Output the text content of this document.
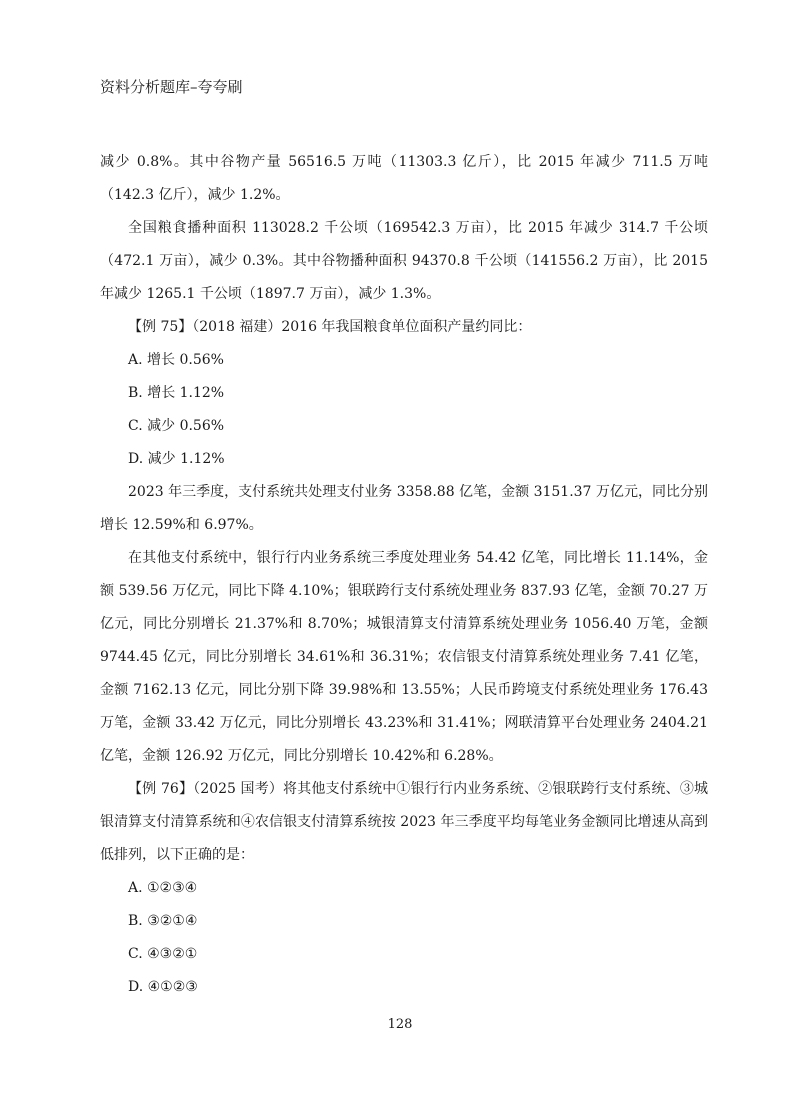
资料分析题库–夸夸刷

减少 0.8%。其中谷物产量 56516.5 万吨（11303.3 亿斤），比 2015 年减少 711.5 万吨（142.3 亿斤），减少 1.2%。

全国粮食播种面积 113028.2 千公顷（169542.3 万亩），比 2015 年减少 314.7 千公顷（472.1 万亩），减少 0.3%。其中谷物播种面积 94370.8 千公顷（141556.2 万亩），比 2015 年减少 1265.1 千公顷（1897.7 万亩），减少 1.3%。

【例 75】（2018 福建）2016 年我国粮食单位面积产量约同比：

A. 增长 0.56%

B. 增长 1.12%

C. 减少 0.56%

D. 减少 1.12%

2023 年三季度，支付系统共处理支付业务 3358.88 亿笔，金额 3151.37 万亿元，同比分别增长 12.59%和 6.97%。

在其他支付系统中，银行行内业务系统三季度处理业务 54.42 亿笔，同比增长 11.14%，金额 539.56 万亿元，同比下降 4.10%；银联跨行支付系统处理业务 837.93 亿笔，金额 70.27 万亿元，同比分别增长 21.37%和 8.70%；城银清算支付清算系统处理业务 1056.40 万笔，金额 9744.45 亿元，同比分别增长 34.61%和 36.31%；农信银支付清算系统处理业务 7.41 亿笔，金额 7162.13 亿元，同比分别下降 39.98%和 13.55%；人民币跨境支付系统处理业务 176.43 万笔，金额 33.42 万亿元，同比分别增长 43.23%和 31.41%；网联清算平台处理业务 2404.21 亿笔，金额 126.92 万亿元，同比分别增长 10.42%和 6.28%。

【例 76】（2025 国考）将其他支付系统中①银行行内业务系统、②银联跨行支付系统、③城银清算支付清算系统和④农信银支付清算系统按 2023 年三季度平均每笔业务金额同比增速从高到低排列，以下正确的是：

A. ①②③④

B. ③②①④

C. ④③②①

D. ④①②③

128
